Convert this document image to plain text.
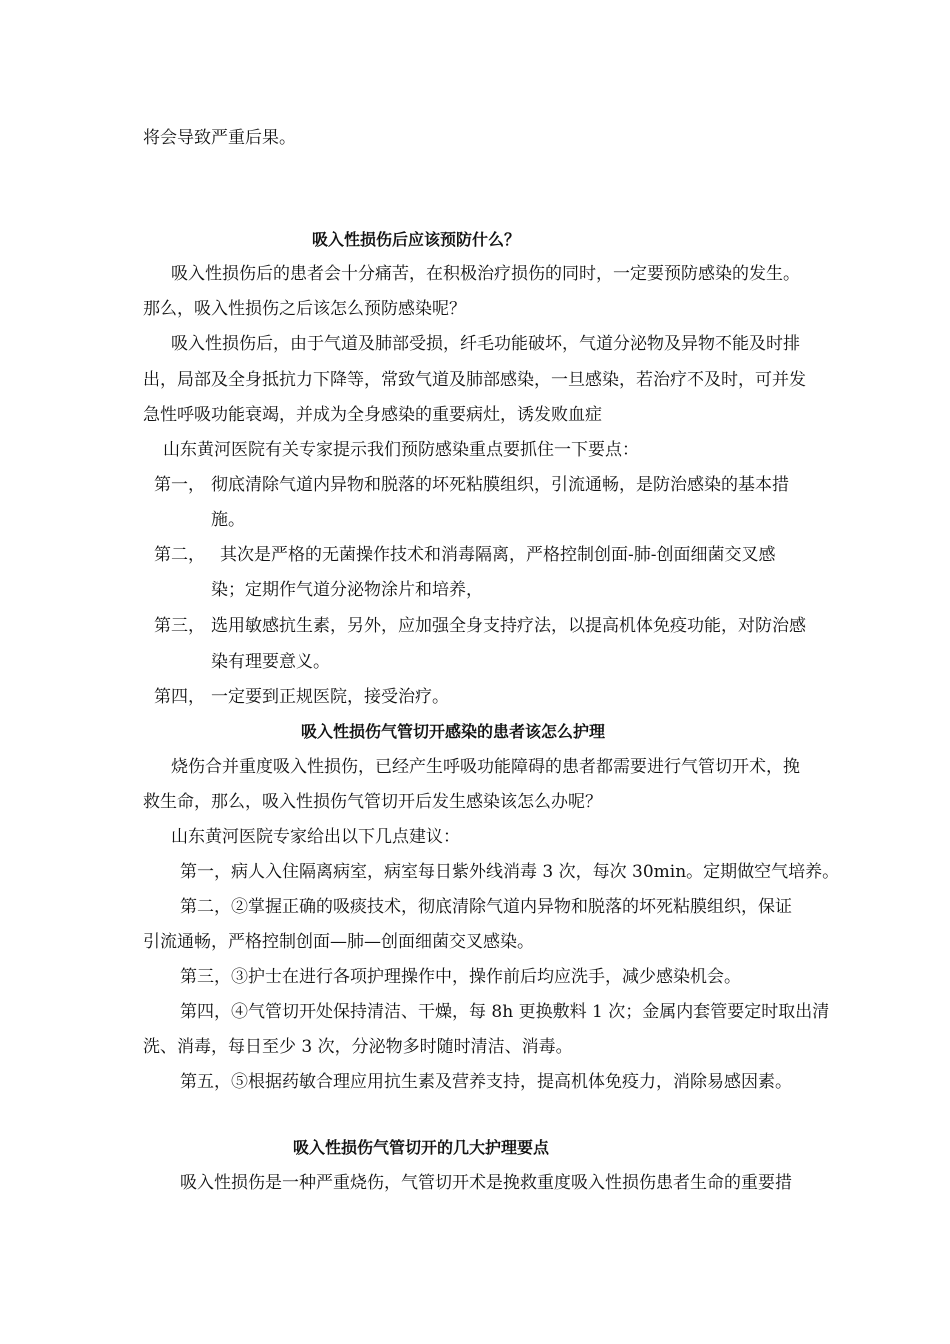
将会导致严重后果。
吸入性损伤后应该预防什么？
吸入性损伤后的患者会十分痛苦，在积极治疗损伤的同时，一定要预防感染的发生。
那么，吸入性损伤之后该怎么预防感染呢？
吸入性损伤后，由于气道及肺部受损，纤毛功能破坏，气道分泌物及异物不能及时排
出，局部及全身抵抗力下降等，常致气道及肺部感染，一旦感染，若治疗不及时，可并发
急性呼吸功能衰竭，并成为全身感染的重要病灶，诱发败血症
山东黄河医院有关专家提示我们预防感染重点要抓住一下要点：
第一， 彻底清除气道内异物和脱落的坏死粘膜组织，引流通畅，是防治感染的基本措
施。
第二， 其次是严格的无菌操作技术和消毒隔离，严格控制创面-肺-创面细菌交叉感
染；定期作气道分泌物涂片和培养，
第三， 选用敏感抗生素，另外，应加强全身支持疗法，以提高机体免疫功能，对防治感
染有理要意义。
第四， 一定要到正规医院，接受治疗。
吸入性损伤气管切开感染的患者该怎么护理
烧伤合并重度吸入性损伤，已经产生呼吸功能障碍的患者都需要进行气管切开术，挽
救生命，那么，吸入性损伤气管切开后发生感染该怎么办呢？
山东黄河医院专家给出以下几点建议：
第一，病人入住隔离病室，病室每日紫外线消毒 3 次，每次 30min。定期做空气培养。
第二，②掌握正确的吸痰技术，彻底清除气道内异物和脱落的坏死粘膜组织，保证
引流通畅，严格控制创面—肺—创面细菌交叉感染。
第三，③护士在进行各项护理操作中，操作前后均应洗手，减少感染机会。
第四，④气管切开处保持清洁、干燥，每 8h 更换敷料 1 次；金属内套管要定时取出清
洗、消毒，每日至少 3 次，分泌物多时随时清洁、消毒。
第五，⑤根据药敏合理应用抗生素及营养支持，提高机体免疫力，消除易感因素。
吸入性损伤气管切开的几大护理要点
吸入性损伤是一种严重烧伤，气管切开术是挽救重度吸入性损伤患者生命的重要措
